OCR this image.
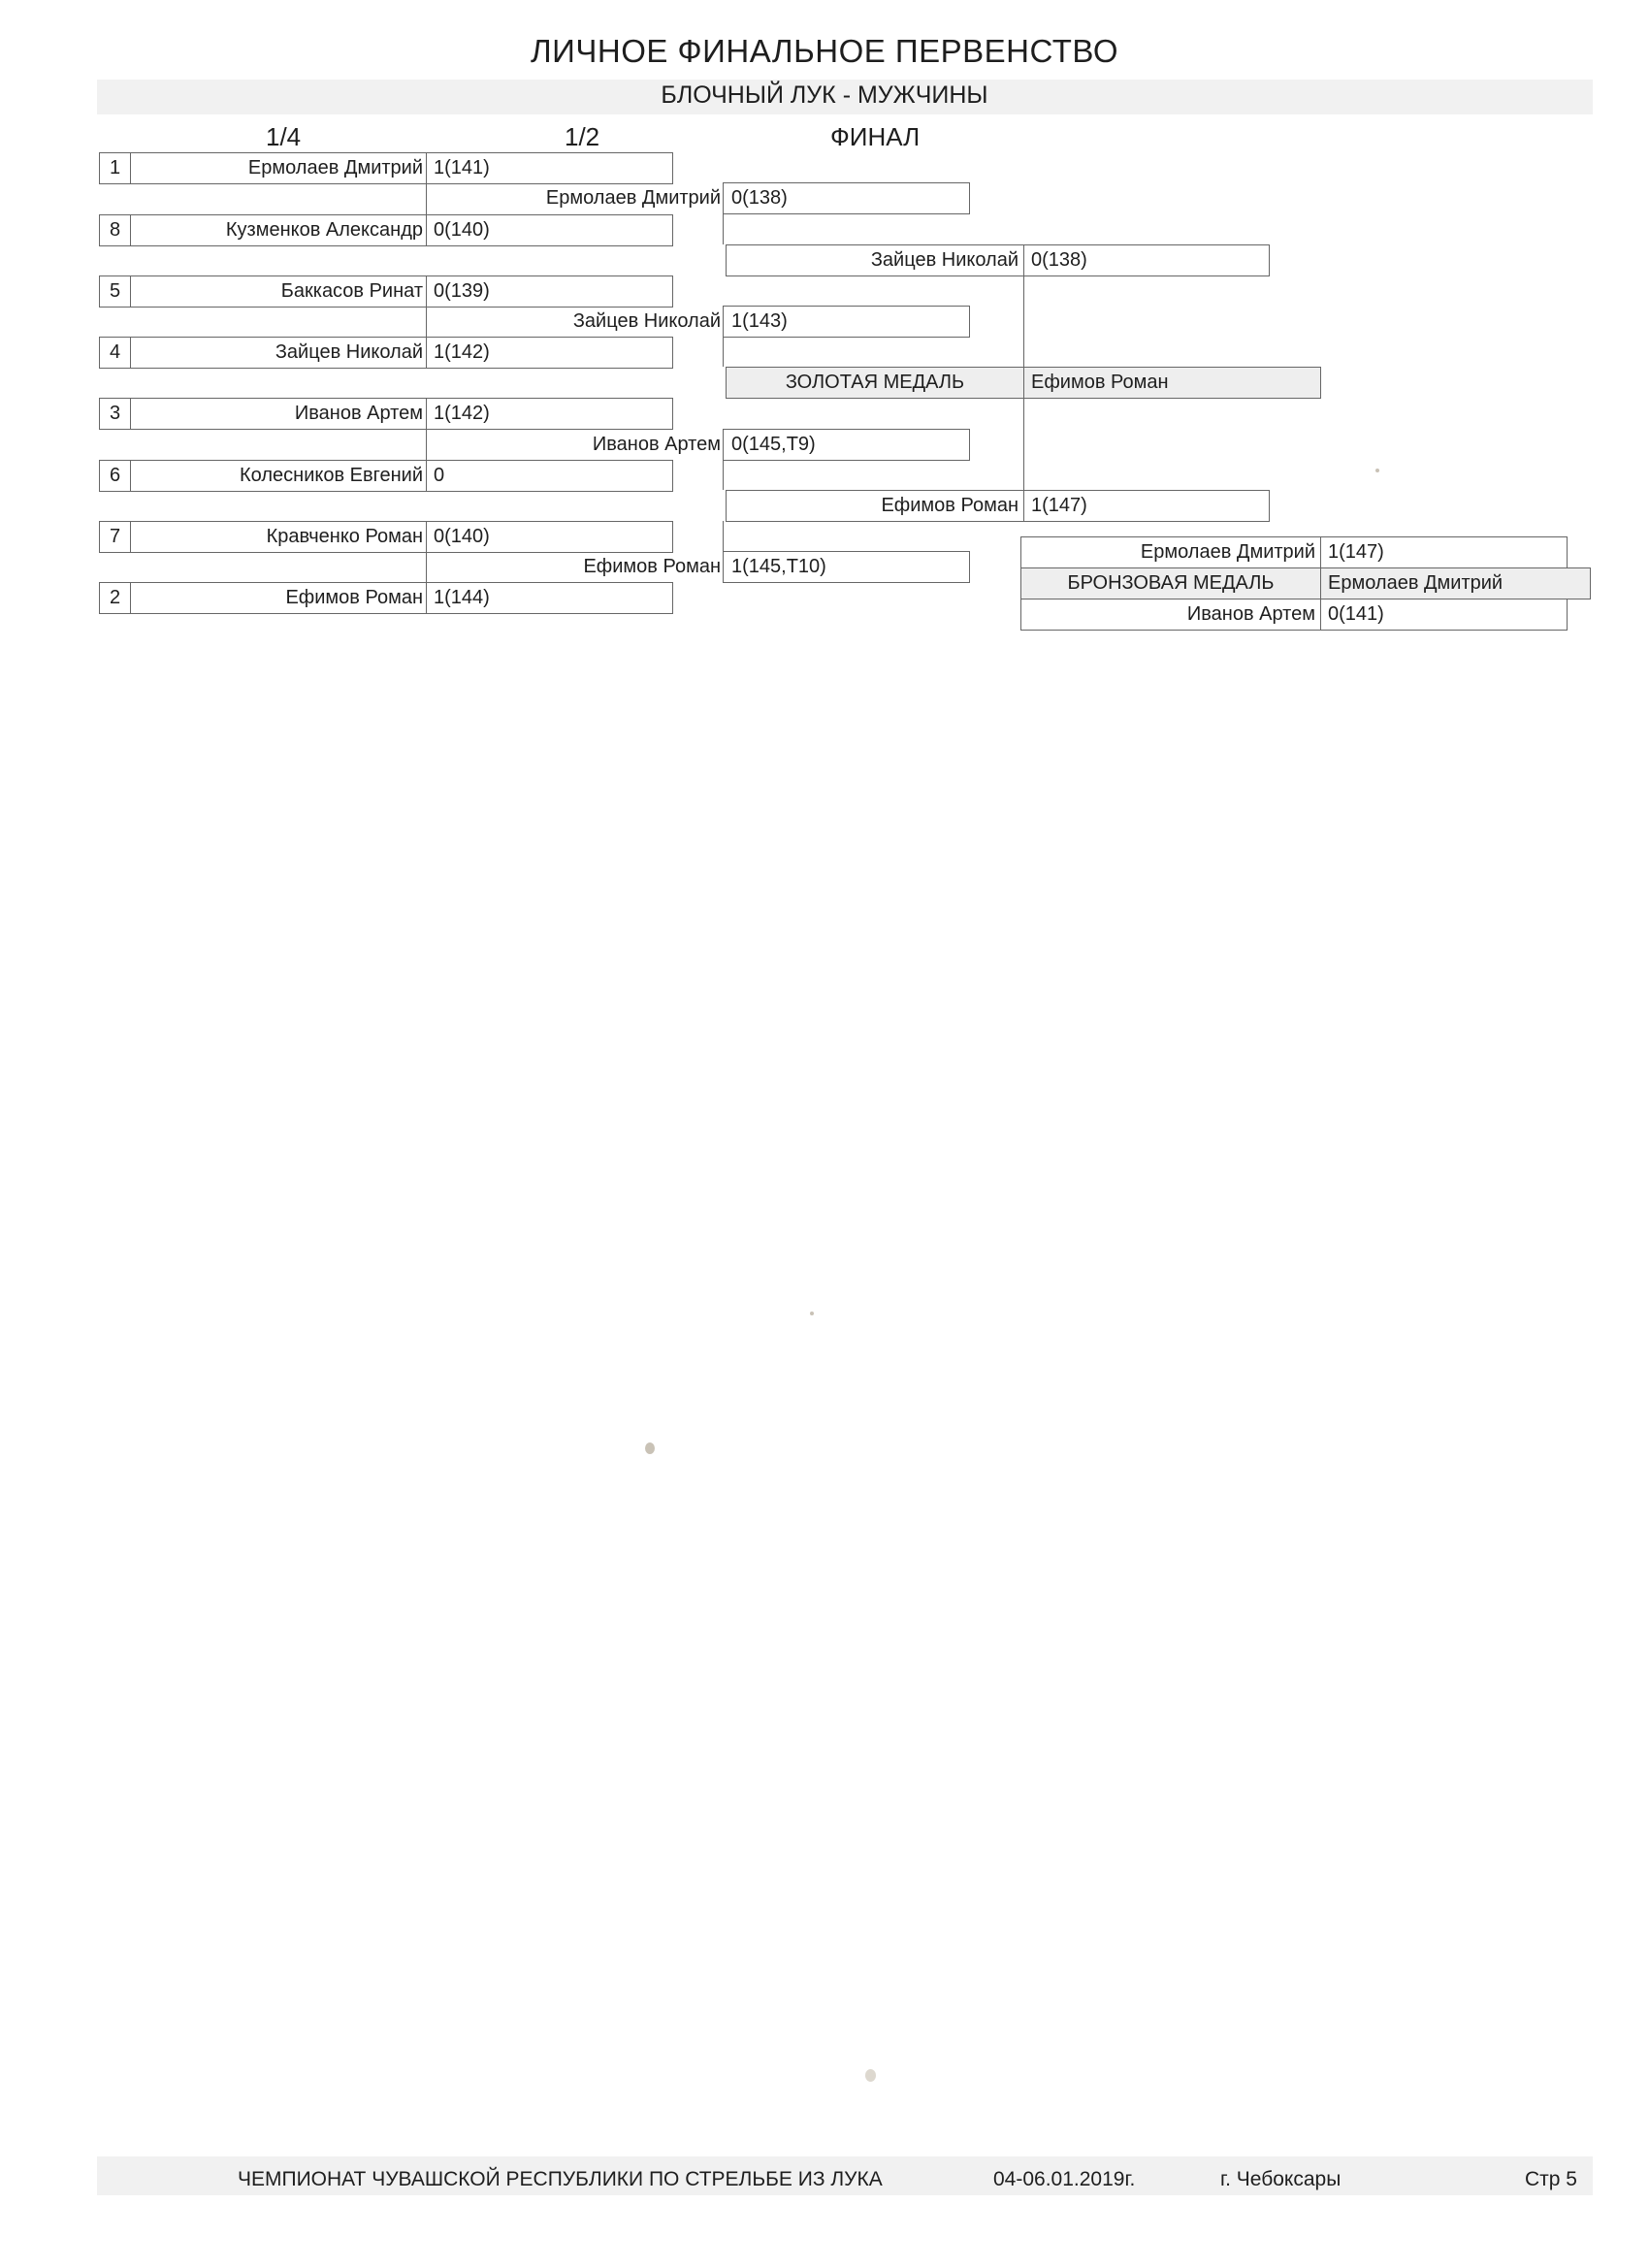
ЛИЧНОЕ ФИНАЛЬНОЕ ПЕРВЕНСТВО
БЛОЧНЫЙ ЛУК - МУЖЧИНЫ
1/4	1/2	ФИНАЛ
1	Ермолаев Дмитрий 1(141)
8	Кузменков Александр 0(140)
5	Баккасов Ринат 0(139)
4	Зайцев Николай 1(142)
3	Иванов Артем 1(142)
6	Колесников Евгений 0
7	Кравченко Роман 0(140)
2	Ефимов Роман 1(144)
Ермолаев Дмитрий 0(138)
Зайцев Николай 1(143)
Иванов Артем 0(145,Т9)
Ефимов Роман 1(145,Т10)
Зайцев Николай 0(138)
Ефимов Роман 1(147)
ЗОЛОТАЯ МЕДАЛЬ	Ефимов Роман
Ермолаев Дмитрий 1(147)
БРОНЗОВАЯ МЕДАЛЬ	Ермолаев Дмитрий
Иванов Артем 0(141)
ЧЕМПИОНАТ ЧУВАШСКОЙ РЕСПУБЛИКИ ПО СТРЕЛЬБЕ ИЗ ЛУКА	04-06.01.2019г.	г. Чебоксары	Стр 5
